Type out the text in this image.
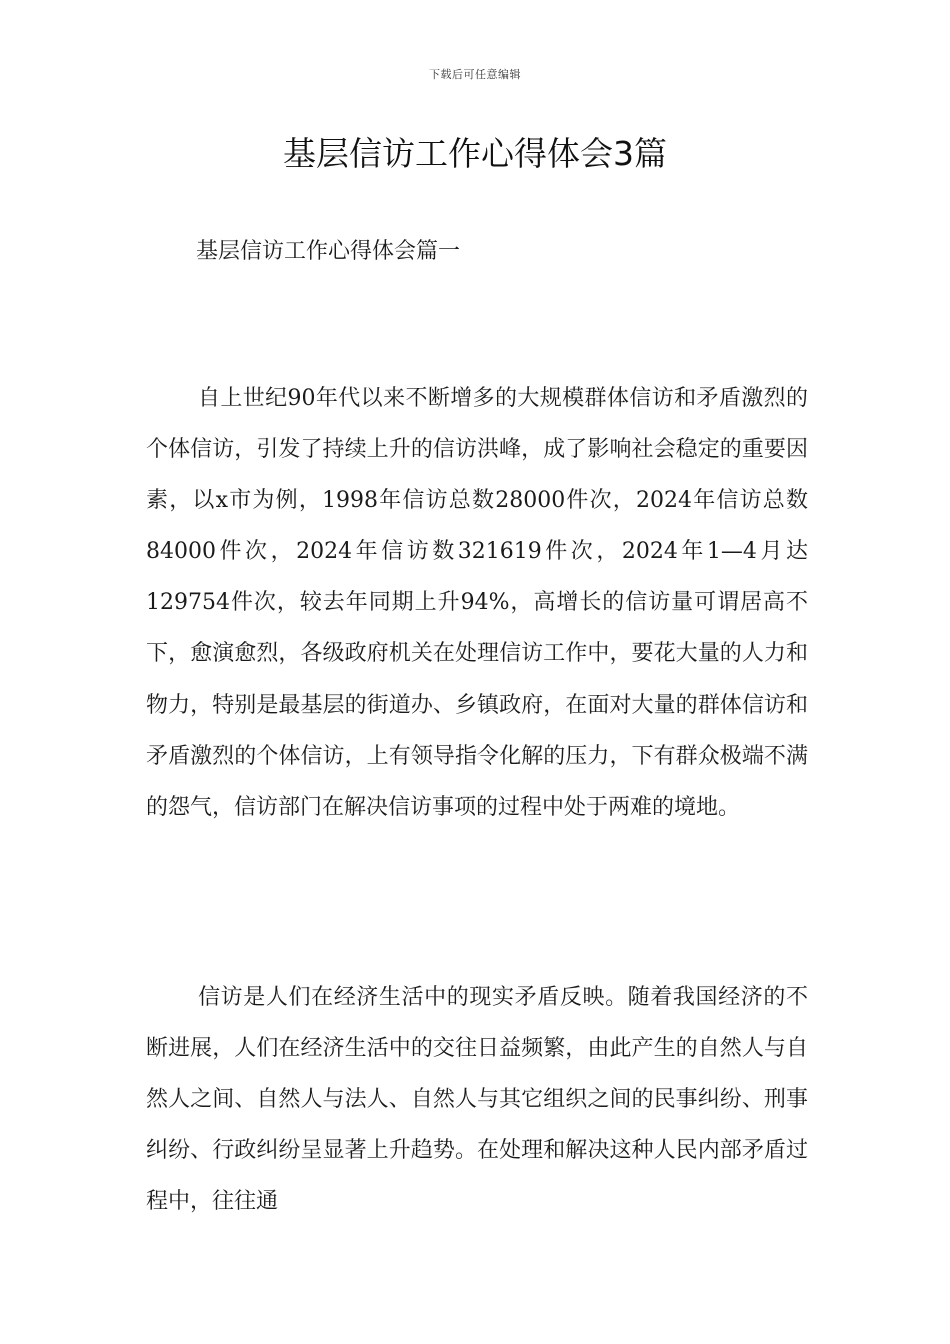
下载后可任意编辑
基层信访工作心得体会3篇
基层信访工作心得体会篇一

自上世纪90年代以来不断增多的大规模群体信访和矛盾激烈的个体信访，引发了持续上升的信访洪峰，成了影响社会稳定的重要因素，以x市为例，1998年信访总数28000件次，2024年信访总数84000件次，2024年信访数321619件次，2024年1—4月达129754件次，较去年同期上升94%，高增长的信访量可谓居高不下，愈演愈烈，各级政府机关在处理信访工作中，要花大量的人力和物力，特别是最基层的街道办、乡镇政府，在面对大量的群体信访和矛盾激烈的个体信访，上有领导指令化解的压力，下有群众极端不满的怨气，信访部门在解决信访事项的过程中处于两难的境地。

信访是人们在经济生活中的现实矛盾反映。随着我国经济的不断进展，人们在经济生活中的交往日益频繁，由此产生的自然人与自然人之间、自然人与法人、自然人与其它组织之间的民事纠纷、刑事纠纷、行政纠纷呈显著上升趋势。在处理和解决这种人民内部矛盾过程中，往往通
